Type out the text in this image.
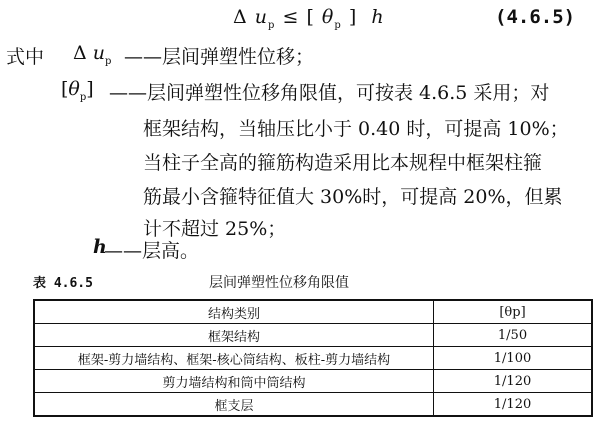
Δ $u_p$ ≤ [ $\theta_p$ ] h	(4.6.5)
式中 Δ $u_p$ ——层间弹塑性位移；
$[\theta_p]$ ——层间弹塑性位移角限值，可按表 4.6.5 采用；对
框架结构，当轴压比小于 0.40 时，可提高 10%；
当柱子全高的箍筋构造采用比本规程中框架柱箍
筋最小含箍特征值大 30%时，可提高 20%，但累
计不超过 25%；
h
——层高。
表 4.6.5	层间弹塑性位移角限值
结构类别	[θp]
框架结构	1/50
框架-剪力墙结构、框架-核心筒结构、板柱-剪力墙结构	1/100
剪力墙结构和筒中筒结构	1/120
框支层	1/120
